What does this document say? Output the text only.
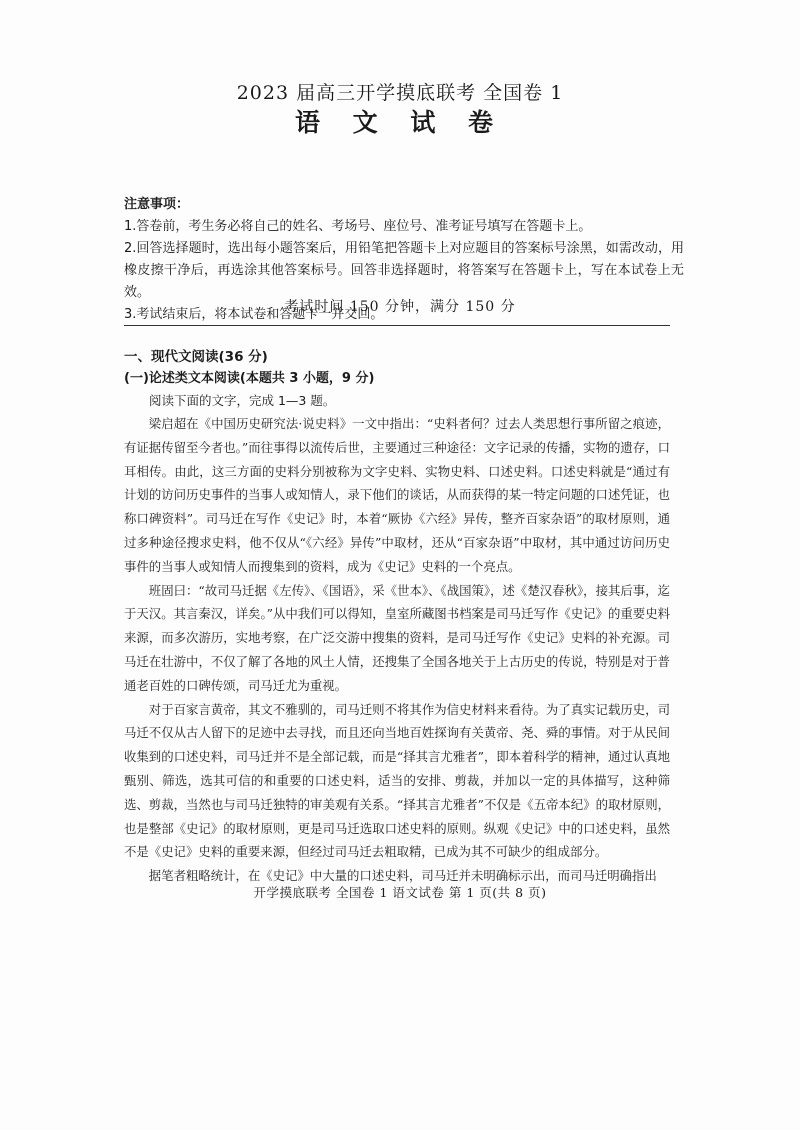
2023 届高三开学摸底联考 全国卷 1
语 文 试 卷
注意事项：
1.答卷前，考生务必将自己的姓名、考场号、座位号、准考证号填写在答题卡上。
2.回答选择题时，选出每小题答案后，用铅笔把答题卡上对应题目的答案标号涂黑，如需改动，用橡皮擦干净后，再选涂其他答案标号。回答非选择题时，将答案写在答题卡上，写在本试卷上无效。
3.考试结束后，将本试卷和答题卡一并交回。
考试时间 150 分钟，满分 150 分
一、现代文阅读(36 分)
(一)论述类文本阅读(本题共 3 小题，9 分)
阅读下面的文字，完成 1—3 题。

梁启超在《中国历史研究法·说史料》一文中指出：“史料者何？过去人类思想行事所留之痕迹，有证据传留至今者也。”而往事得以流传后世，主要通过三种途径：文字记录的传播，实物的遗存，口耳相传。由此，这三方面的史料分别被称为文字史料、实物史料、口述史料。口述史料就是“通过有计划的访问历史事件的当事人或知情人，录下他们的谈话，从而获得的某一特定问题的口述凭证，也称口碑资料”。司马迁在写作《史记》时，本着“厥协《六经》异传，整齐百家杂语”的取材原则，通过多种途径搜求史料，他不仅从“《六经》异传”中取材，还从“百家杂语”中取材，其中通过访问历史事件的当事人或知情人而搜集到的资料，成为《史记》史料的一个亮点。

班固曰：“故司马迁据《左传》、《国语》，采《世本》、《战国策》，述《楚汉春秋》，接其后事，迄于天汉。其言秦汉，详矣。”从中我们可以得知，皇室所藏图书档案是司马迁写作《史记》的重要史料来源，而多次游历，实地考察，在广泛交游中搜集的资料，是司马迁写作《史记》史料的补充源。司马迁在壮游中，不仅了解了各地的风土人情，还搜集了全国各地关于上古历史的传说，特别是对于普通老百姓的口碑传颂，司马迁尤为重视。

对于百家言黄帝，其文不雅驯的，司马迁则不将其作为信史材料来看待。为了真实记载历史，司马迁不仅从古人留下的足迹中去寻找，而且还向当地百姓探询有关黄帝、尧、舜的事情。对于从民间收集到的口述史料，司马迁并不是全部记载，而是“择其言尤雅者”，即本着科学的精神，通过认真地甄别、筛选，选其可信的和重要的口述史料，适当的安排、剪裁，并加以一定的具体描写，这种筛选、剪裁，当然也与司马迁独特的审美观有关系。“择其言尤雅者”不仅是《五帝本纪》的取材原则，也是整部《史记》的取材原则，更是司马迁选取口述史料的原则。纵观《史记》中的口述史料，虽然不是《史记》史料的重要来源，但经过司马迁去粗取精，已成为其不可缺少的组成部分。

据笔者粗略统计，在《史记》中大量的口述史料，司马迁并未明确标示出，而司马迁明确指出

开学摸底联考 全国卷 1 语文试卷 第 1 页(共 8 页)
